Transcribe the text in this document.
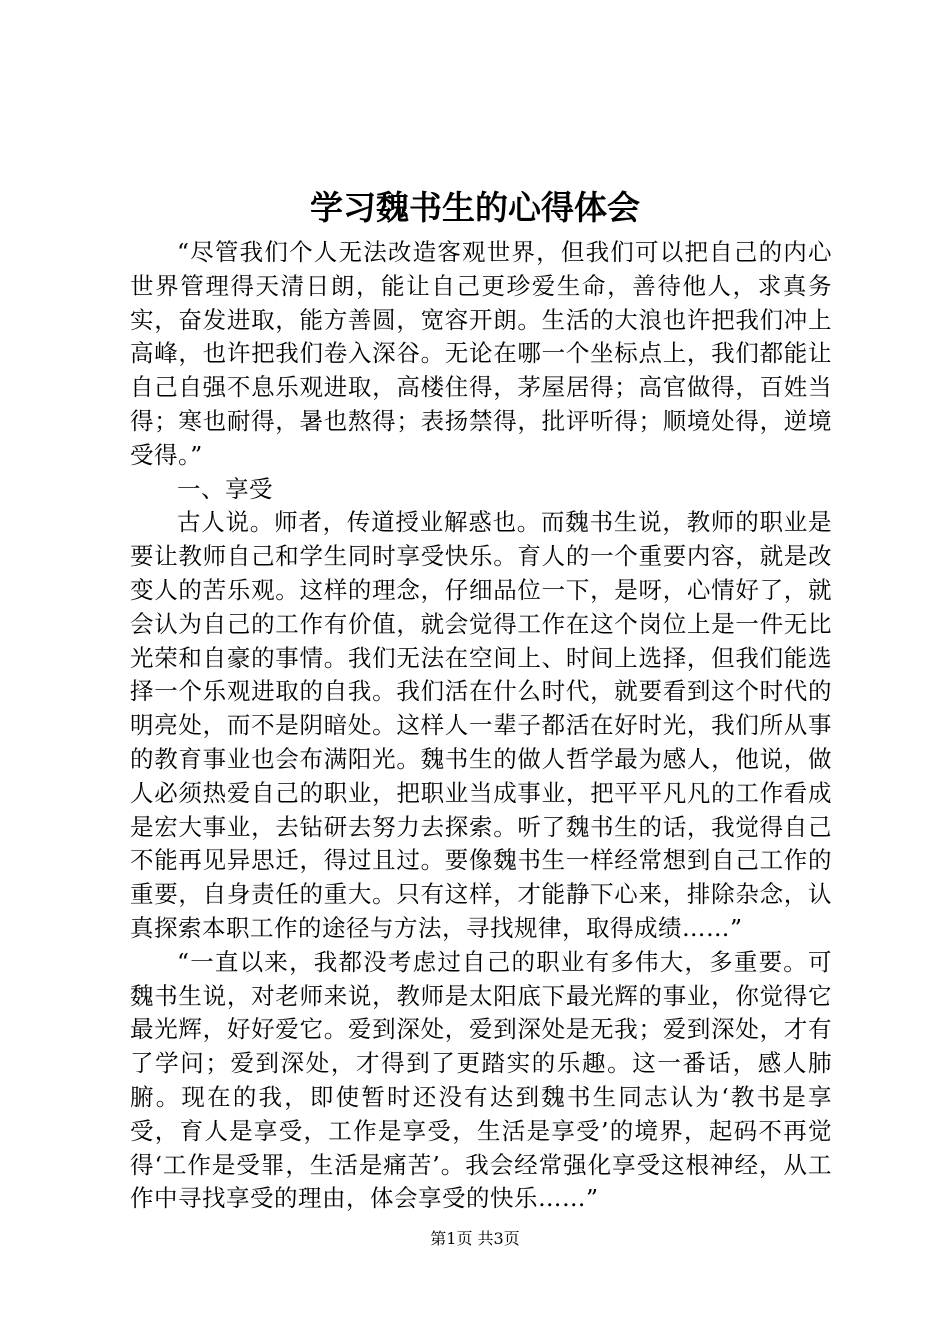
学习魏书生的心得体会

“尽管我们个人无法改造客观世界，但我们可以把自己的内心世界管理得天清日朗，能让自己更珍爱生命，善待他人，求真务实，奋发进取，能方善圆，宽容开朗。生活的大浪也许把我们冲上高峰，也许把我们卷入深谷。无论在哪一个坐标点上，我们都能让自己自强不息乐观进取，高楼住得，茅屋居得；高官做得，百姓当得；寒也耐得，暑也熬得；表扬禁得，批评听得；顺境处得，逆境受得。”

一、享受

古人说。师者，传道授业解惑也。而魏书生说，教师的职业是要让教师自己和学生同时享受快乐。育人的一个重要内容，就是改变人的苦乐观。这样的理念，仔细品位一下，是呀，心情好了，就会认为自己的工作有价值，就会觉得工作在这个岗位上是一件无比光荣和自豪的事情。我们无法在空间上、时间上选择，但我们能选择一个乐观进取的自我。我们活在什么时代，就要看到这个时代的明亮处，而不是阴暗处。这样人一辈子都活在好时光，我们所从事的教育事业也会布满阳光。魏书生的做人哲学最为感人，他说，做人必须热爱自己的职业，把职业当成事业，把平平凡凡的工作看成是宏大事业，去钻研去努力去探索。听了魏书生的话，我觉得自己不能再见异思迁，得过且过。要像魏书生一样经常想到自己工作的重要，自身责任的重大。只有这样，才能静下心来，排除杂念，认真探索本职工作的途径与方法，寻找规律，取得成绩……”

“一直以来，我都没考虑过自己的职业有多伟大，多重要。可魏书生说，对老师来说，教师是太阳底下最光辉的事业，你觉得它最光辉，好好爱它。爱到深处，爱到深处是无我；爱到深处，才有了学问；爱到深处，才得到了更踏实的乐趣。这一番话，感人肺腑。现在的我，即使暂时还没有达到魏书生同志认为‘教书是享受，育人是享受，工作是享受，生活是享受’的境界，起码不再觉得‘工作是受罪，生活是痛苦’。我会经常强化享受这根神经，从工作中寻找享受的理由，体会享受的快乐……”

第1页 共3页
